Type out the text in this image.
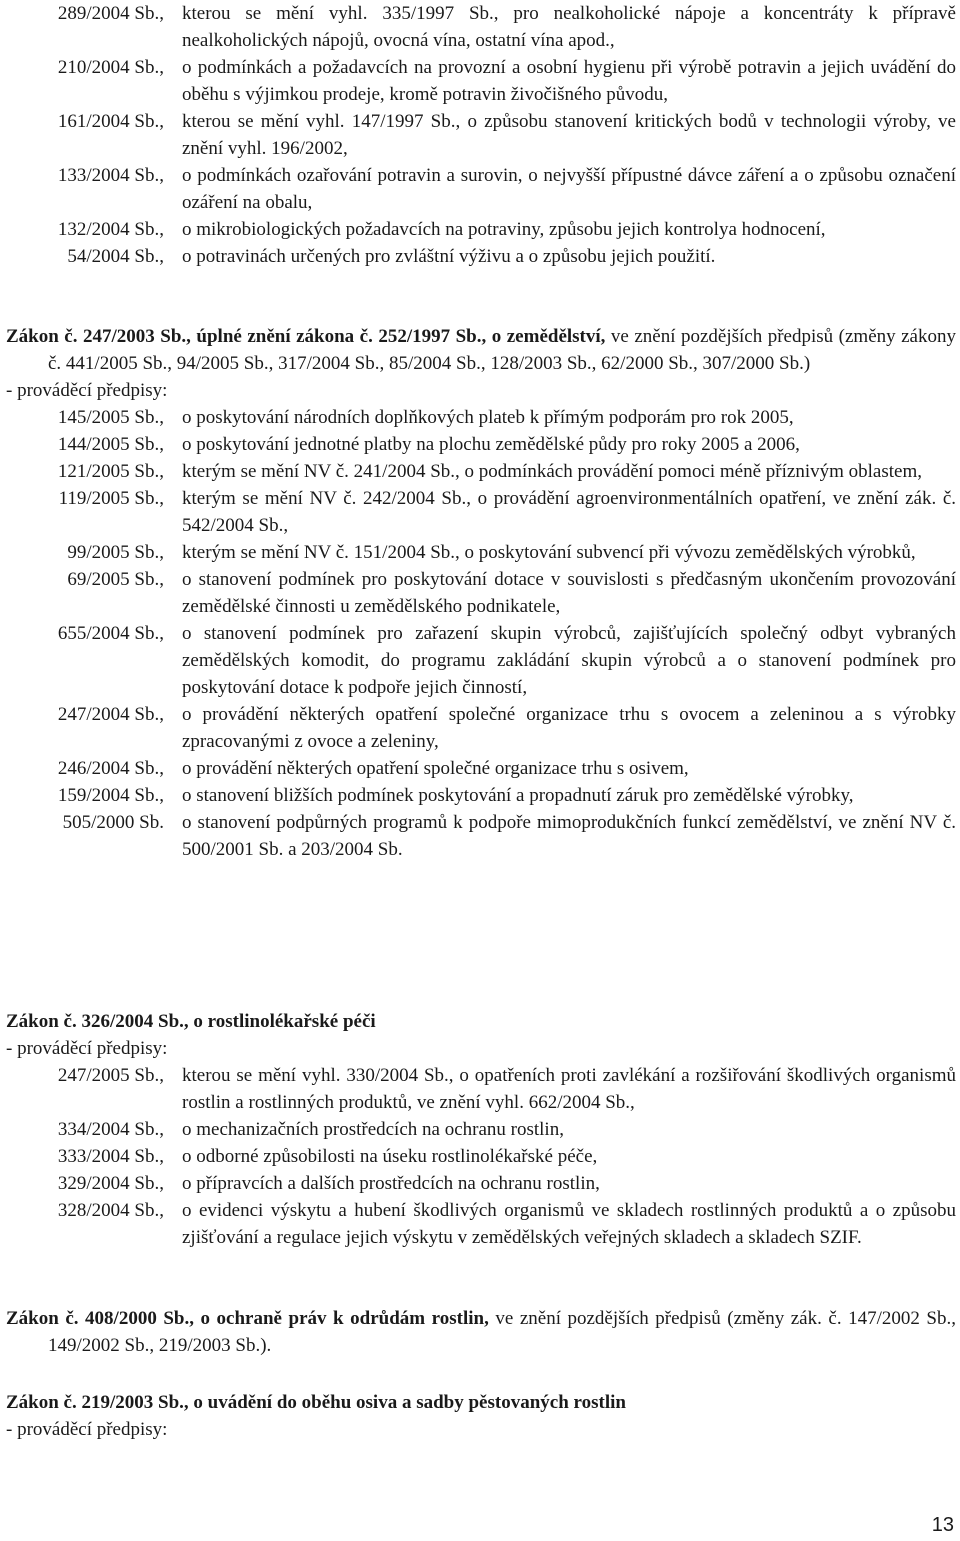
289/2004 Sb., kterou se mění vyhl. 335/1997 Sb., pro nealkoholické nápoje a koncentráty k přípravě nealkoholických nápojů, ovocná vína, ostatní vína apod.,
210/2004 Sb., o podmínkách a požadavcích na provozní a osobní hygienu při výrobě potravin a jejich uvádění do oběhu s výjimkou prodeje, kromě potravin živočišného původu,
161/2004 Sb., kterou se mění vyhl. 147/1997 Sb., o způsobu stanovení kritických bodů v technologii výroby, ve znění vyhl. 196/2002,
133/2004 Sb., o podmínkách ozařování potravin a surovin, o nejvyšší přípustné dávce záření a o způsobu označení ozáření na obalu,
132/2004 Sb., o mikrobiologických požadavcích na potraviny, způsobu jejich kontrolya hodnocení,
54/2004 Sb., o potravinách určených pro zvláštní výživu a o způsobu jejich použití.
Zákon č. 247/2003 Sb., úplné znění zákona č. 252/1997 Sb., o zemědělství, ve znění pozdějších předpisů (změny zákony č. 441/2005 Sb., 94/2005 Sb., 317/2004 Sb., 85/2004 Sb., 128/2003 Sb., 62/2000 Sb., 307/2000 Sb.)
- prováděcí předpisy:
145/2005 Sb., o poskytování národních doplňkových plateb k přímým podporám pro rok 2005,
144/2005 Sb., o poskytování jednotné platby na plochu zemědělské půdy pro roky 2005 a 2006,
121/2005 Sb., kterým se mění NV č. 241/2004 Sb., o podmínkách provádění pomoci méně příznivým oblastem,
119/2005 Sb., kterým se mění NV č. 242/2004 Sb., o provádění agroenvironmentálních opatření, ve znění zák. č. 542/2004 Sb.,
99/2005 Sb., kterým se mění NV č. 151/2004 Sb., o poskytování subvencí při vývozu zemědělských výrobků,
69/2005 Sb., o stanovení podmínek pro poskytování dotace v souvislosti s předčasným ukončením provozování zemědělské činnosti u zemědělského podnikatele,
655/2004 Sb., o stanovení podmínek pro zařazení skupin výrobců, zajišťujících společný odbyt vybraných zemědělských komodit, do programu zakládání skupin výrobců a o stanovení podmínek pro poskytování dotace k podpoře jejich činností,
247/2004 Sb., o provádění některých opatření společné organizace trhu s ovocem a zeleninou a s výrobky zpracovanými z ovoce a zeleniny,
246/2004 Sb., o provádění některých opatření společné organizace trhu s osivem,
159/2004 Sb., o stanovení bližších podmínek poskytování a propadnutí záruk pro zemědělské výrobky,
505/2000 Sb. o stanovení podpůrných programů k podpoře mimoprodukčních funkcí zemědělství, ve znění NV č. 500/2001 Sb. a 203/2004 Sb.
Zákon č. 326/2004 Sb., o rostlinolékařské péči
- prováděcí předpisy:
247/2005 Sb., kterou se mění vyhl. 330/2004 Sb., o opatřeních proti zavlékání a rozšiřování škodlivých organismů rostlin a rostlinných produktů, ve znění vyhl. 662/2004 Sb.,
334/2004 Sb., o mechanizačních prostředcích na ochranu rostlin,
333/2004 Sb., o odborné způsobilosti na úseku rostlinolékařské péče,
329/2004 Sb., o přípravcích a dalších prostředcích na ochranu rostlin,
328/2004 Sb., o evidenci výskytu a hubení škodlivých organismů ve skladech rostlinných produktů a o způsobu zjišťování a regulace jejich výskytu v zemědělských veřejných skladech a skladech SZIF.
Zákon č. 408/2000 Sb., o ochraně práv k odrůdám rostlin, ve znění pozdějších předpisů (změny zák. č. 147/2002 Sb., 149/2002 Sb., 219/2003 Sb.).
Zákon č. 219/2003 Sb., o uvádění do oběhu osiva a sadby pěstovaných rostlin
- prováděcí předpisy:
13
